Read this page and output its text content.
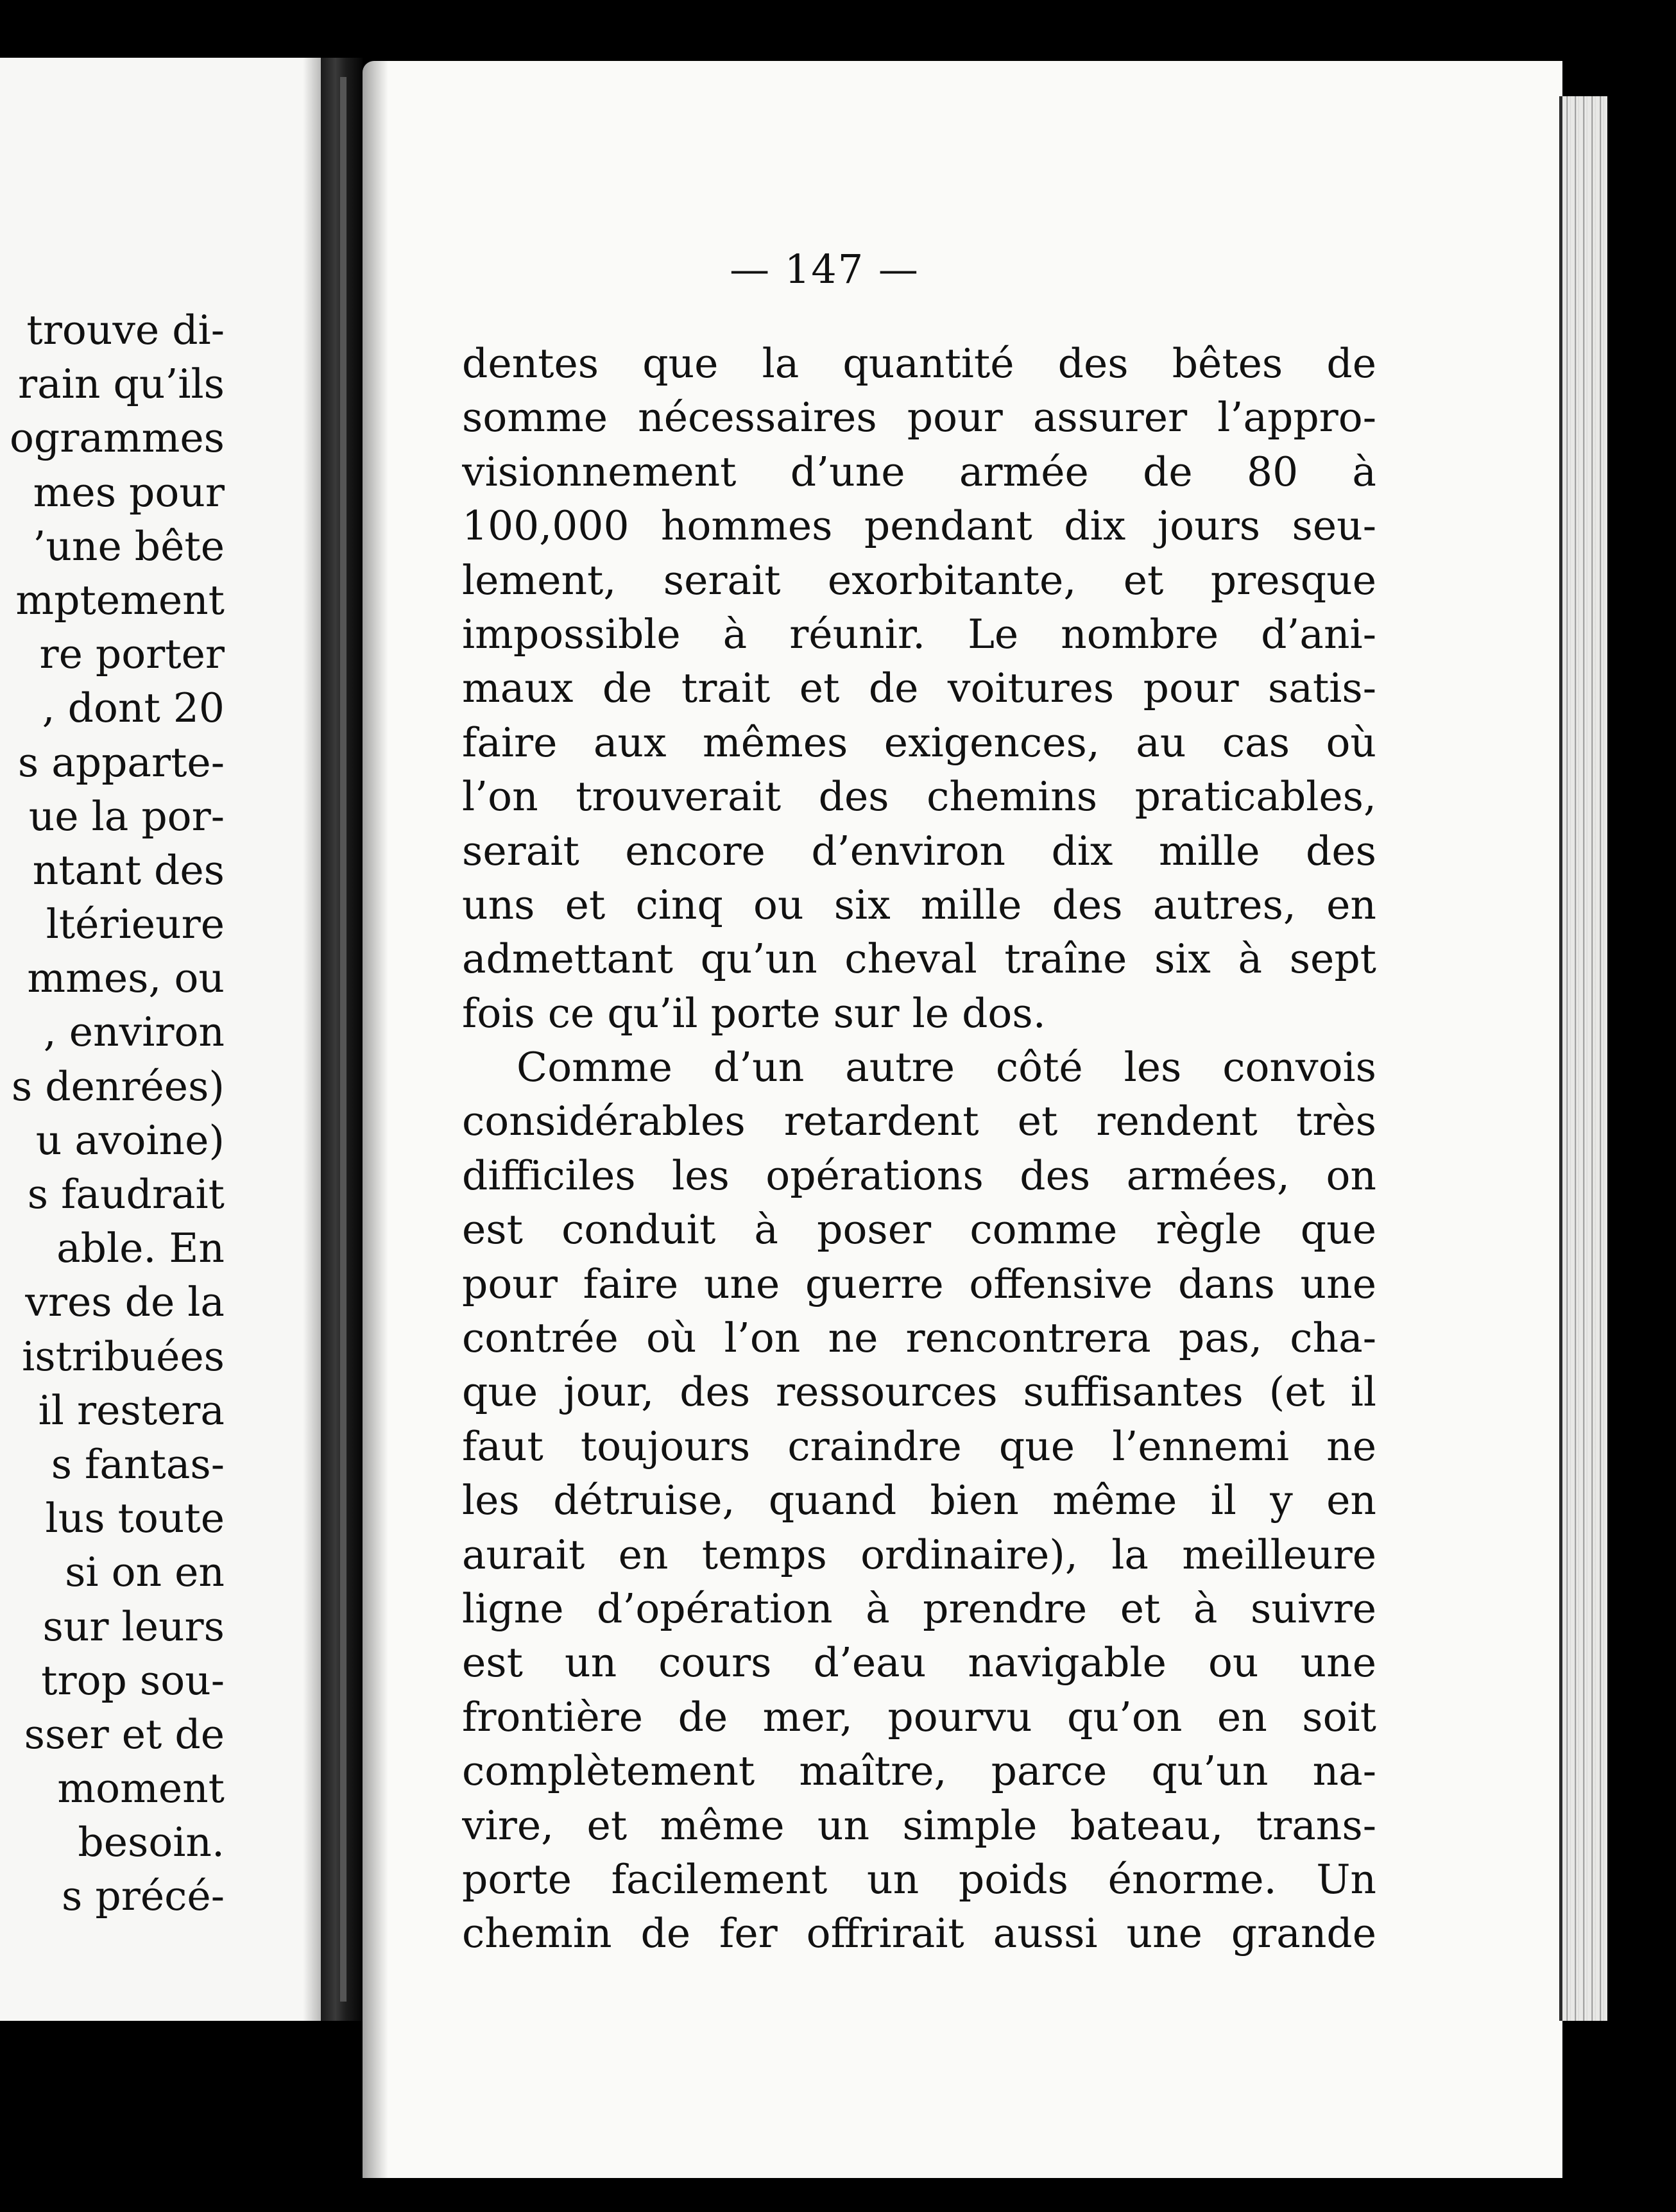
trouve di-
rain qu’ils
ogrammes
mes pour
’une bête
mptement
re porter
, dont 20
s apparte-
ue la por-
ntant des
ltérieure
mmes, ou
, environ
s denrées)
u avoine)
s faudrait
able. En
vres de la
istribuées
il restera
s fantas-
lus toute
si on en
sur leurs
trop sou-
sser et de
moment
besoin.
s précé-
— 147 —
dentes que la quantité des bêtes de
somme nécessaires pour assurer l’appro-
visionnement d’une armée de 80 à
100,000 hommes pendant dix jours seu-
lement, serait exorbitante, et presque
impossible à réunir. Le nombre d’ani-
maux de trait et de voitures pour satis-
faire aux mêmes exigences, au cas où
l’on trouverait des chemins praticables,
serait encore d’environ dix mille des
uns et cinq ou six mille des autres, en
admettant qu’un cheval traîne six à sept
fois ce qu’il porte sur le dos.
Comme d’un autre côté les convois
considérables retardent et rendent très
difficiles les opérations des armées, on
est conduit à poser comme règle que
pour faire une guerre offensive dans une
contrée où l’on ne rencontrera pas, cha-
que jour, des ressources suffisantes (et il
faut toujours craindre que l’ennemi ne
les détruise, quand bien même il y en
aurait en temps ordinaire), la meilleure
ligne d’opération à prendre et à suivre
est un cours d’eau navigable ou une
frontière de mer, pourvu qu’on en soit
complètement maître, parce qu’un na-
vire, et même un simple bateau, trans-
porte facilement un poids énorme. Un
chemin de fer offrirait aussi une grande
